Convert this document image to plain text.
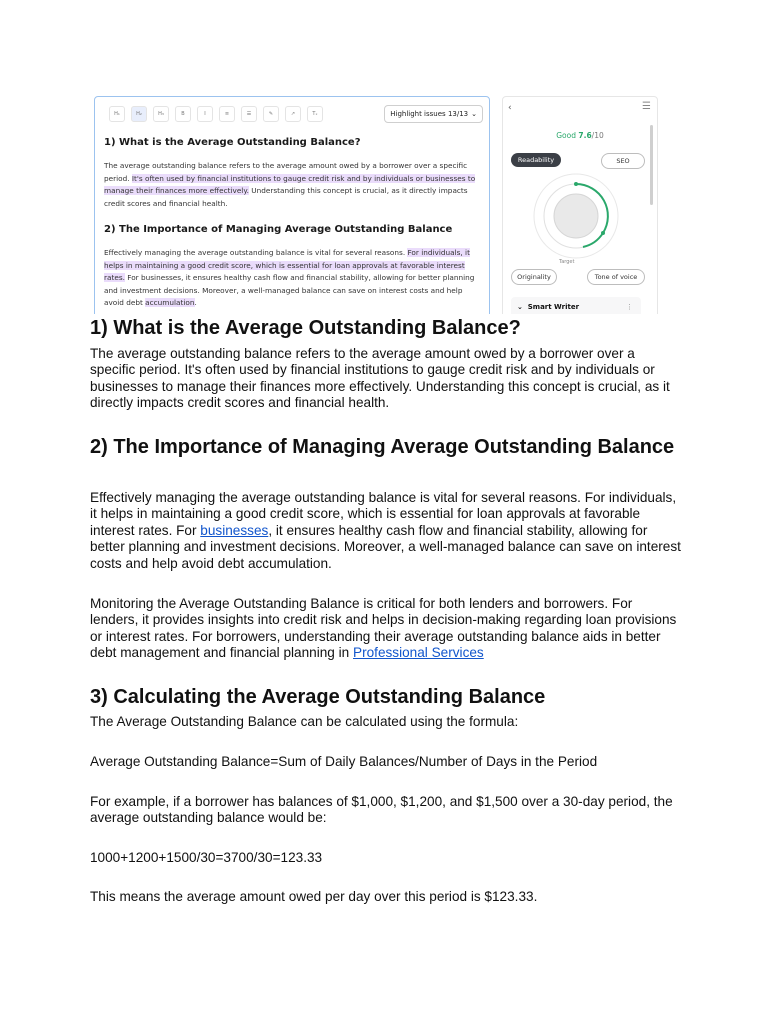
H₁	H₂	H₃	B	I	≡	☰	✎	↗	Tₓ	Highlight issues
13/13 ⌄
1) What is the Average Outstanding Balance?
The average outstanding balance refers to the average amount owed by a borrower over a specific period. It's often used by financial institutions to gauge credit risk and by individuals or businesses to manage their finances more effectively. Understanding this concept is crucial, as it directly impacts credit scores and financial health.
2) The Importance of Managing Average Outstanding Balance
Effectively managing the average outstanding balance is vital for several reasons. For individuals, it helps in maintaining a good credit score, which is essential for loan approvals at favorable interest rates. For businesses, it ensures healthy cash flow and financial stability, allowing for better planning and investment decisions. Moreover, a well-managed balance can save on interest costs and help avoid debt accumulation.
‹	☰
Good 7.6/10
Readability	SEO
Target
Originality	Tone of voice
⌄ Smart Writer	⋮
1) What is the Average Outstanding Balance?

The average outstanding balance refers to the average amount owed by a borrower over a specific period. It's often used by financial institutions to gauge credit risk and by individuals or businesses to manage their finances more effectively. Understanding this concept is crucial, as it directly impacts credit scores and financial health.

2) The Importance of Managing Average Outstanding Balance

Effectively managing the average outstanding balance is vital for several reasons. For individuals, it helps in maintaining a good credit score, which is essential for loan approvals at favorable interest rates. For businesses, it ensures healthy cash flow and financial stability, allowing for better planning and investment decisions. Moreover, a well-managed balance can save on interest costs and help avoid debt accumulation.

Monitoring the Average Outstanding Balance is critical for both lenders and borrowers. For lenders, it provides insights into credit risk and helps in decision-making regarding loan provisions or interest rates. For borrowers, understanding their average outstanding balance aids in better debt management and financial planning in Professional Services

3) Calculating the Average Outstanding Balance

The Average Outstanding Balance can be calculated using the formula:

Average Outstanding Balance=Sum of Daily Balances/Number of Days in the Period

For example, if a borrower has balances of $1,000, $1,200, and $1,500 over a 30-day period, the average outstanding balance would be:

1000+1200+1500/30=3700/30=123.33

This means the average amount owed per day over this period is $123.33.
